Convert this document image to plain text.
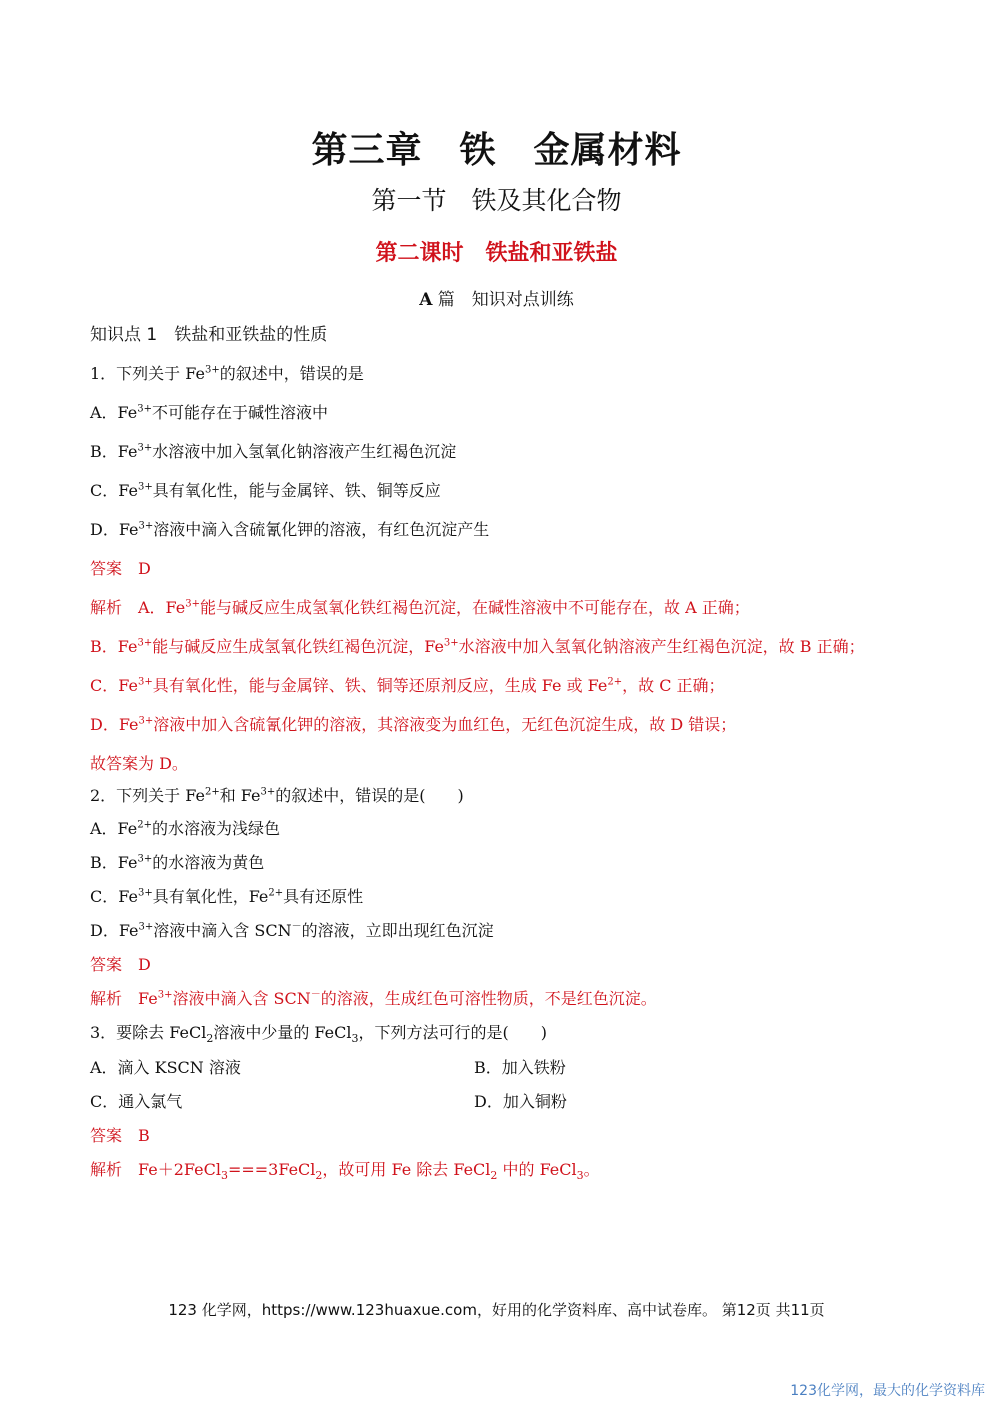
第三章　铁　金属材料
第一节　铁及其化合物
第二课时　铁盐和亚铁盐
A 篇　知识对点训练
知识点 1　铁盐和亚铁盐的性质
1．下列关于 $Fe^{3+}$的叙述中，错误的是
A．$Fe^{3+}$不可能存在于碱性溶液中
B．$Fe^{3+}$水溶液中加入氢氧化钠溶液产生红褐色沉淀
C．$Fe^{3+}$具有氧化性，能与金属锌、铁、铜等反应
D．$Fe^{3+}$溶液中滴入含硫氰化钾的溶液，有红色沉淀产生
答案　D
解析　A．$Fe^{3+}$能与碱反应生成氢氧化铁红褐色沉淀，在碱性溶液中不可能存在，故 A 正确；
B．$Fe^{3+}$能与碱反应生成氢氧化铁红褐色沉淀，$Fe^{3+}$水溶液中加入氢氧化钠溶液产生红褐色沉淀，故 B 正确；
C．$Fe^{3+}$具有氧化性，能与金属锌、铁、铜等还原剂反应，生成 Fe 或 $Fe^{2+}$，故 C 正确；
D．$Fe^{3+}$溶液中加入含硫氰化钾的溶液，其溶液变为血红色，无红色沉淀生成，故 D 错误；
故答案为 D。
2．下列关于 $Fe^{2+}$和 $Fe^{3+}$的叙述中，错误的是(　　)
A．$Fe^{2+}$的水溶液为浅绿色
B．$Fe^{3+}$的水溶液为黄色
C．$Fe^{3+}$具有氧化性，$Fe^{2+}$具有还原性
D．$Fe^{3+}$溶液中滴入含 SCN－的溶液，立即出现红色沉淀
答案　D
解析　$Fe^{3+}$溶液中滴入含 SCN－的溶液，生成红色可溶性物质，不是红色沉淀。
3．要除去 FeCl$_2$溶液中少量的 FeCl$_3$，下列方法可行的是(　　)
A．滴入 KSCN 溶液	B．加入铁粉
C．通入氯气	D．加入铜粉
答案　B
解析　Fe＋2FeCl$_3$===3FeCl$_2$，故可用 Fe 除去 FeCl$_2$ 中的 FeCl$_3$。
123 化学网，https://www.123huaxue.com，好用的化学资料库、高中试卷库。 第12页 共11页
123化学网，最大的化学资料库
